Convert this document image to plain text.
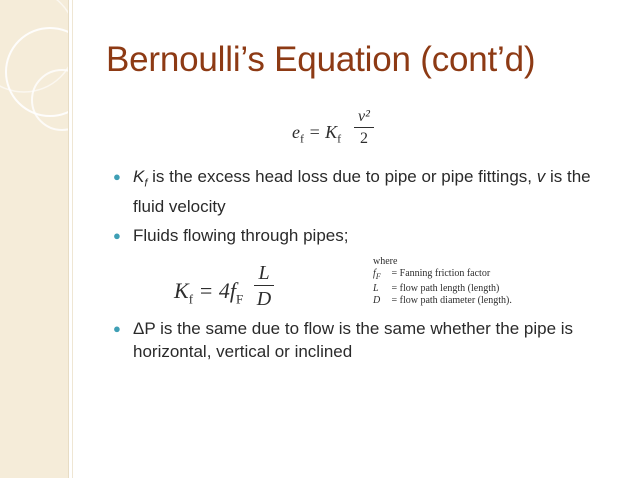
Bernoulli’s Equation (cont’d)
$e_f = K_f$
v²
2
● $K_f$ is the excess head loss due to pipe or pipe fittings, v is the fluid velocity
● Fluids flowing through pipes;
$K_f = 4f_F$
L
D
where
$f_F$ = Fanning friction factor
L = flow path length (length)
D = flow path diameter (length).
● ΔP is the same due to flow is the same whether the pipe is horizontal, vertical or inclined
